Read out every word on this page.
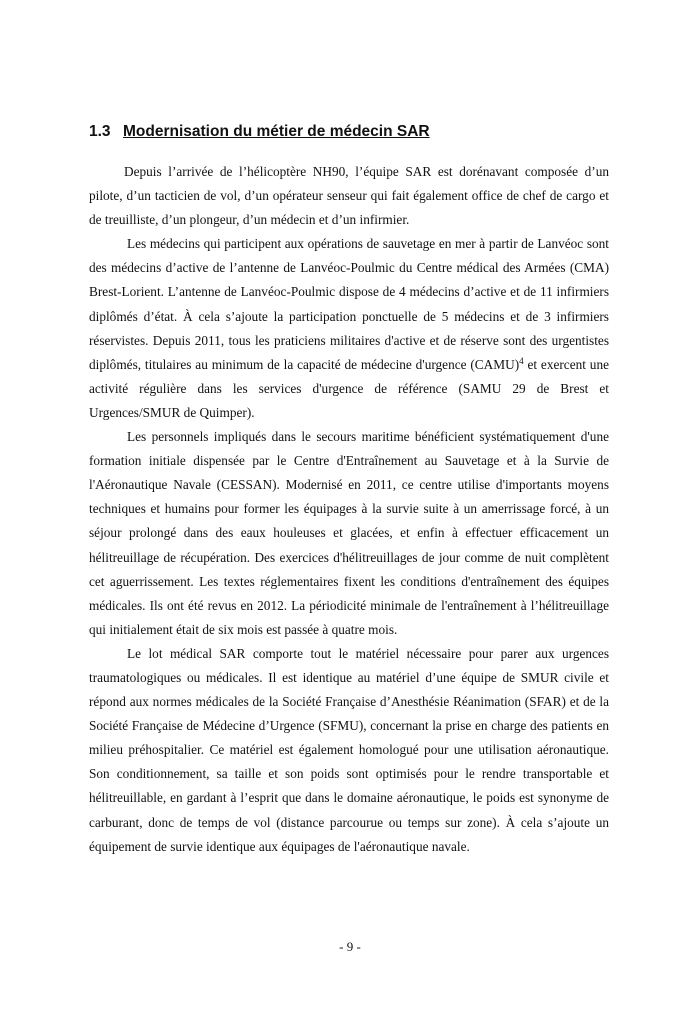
1.3 Modernisation du métier de médecin SAR

Depuis l’arrivée de l’hélicoptère NH90, l’équipe SAR est dorénavant composée d’un pilote, d’un tacticien de vol, d’un opérateur senseur qui fait également office de chef de cargo et de treuilliste, d’un plongeur, d’un médecin et d’un infirmier.

Les médecins qui participent aux opérations de sauvetage en mer à partir de Lanvéoc sont des médecins d’active de l’antenne de Lanvéoc-Poulmic du Centre médical des Armées (CMA) Brest-Lorient. L’antenne de Lanvéoc-Poulmic dispose de 4 médecins d’active et de 11 infirmiers diplômés d’état. À cela s’ajoute la participation ponctuelle de 5 médecins et de 3 infirmiers réservistes. Depuis 2011, tous les praticiens militaires d'active et de réserve sont des urgentistes diplômés, titulaires au minimum de la capacité de médecine d'urgence (CAMU)$^4$ et exercent une activité régulière dans les services d'urgence de référence (SAMU 29 de Brest et Urgences/SMUR de Quimper).

Les personnels impliqués dans le secours maritime bénéficient systématiquement d'une formation initiale dispensée par le Centre d'Entraînement au Sauvetage et à la Survie de l'Aéronautique Navale (CESSAN). Modernisé en 2011, ce centre utilise d'importants moyens techniques et humains pour former les équipages à la survie suite à un amerrissage forcé, à un séjour prolongé dans des eaux houleuses et glacées, et enfin à effectuer efficacement un hélitreuillage de récupération. Des exercices d'hélitreuillages de jour comme de nuit complètent cet aguerrissement. Les textes réglementaires fixent les conditions d'entraînement des équipes médicales. Ils ont été revus en 2012. La périodicité minimale de l'entraînement à l’hélitreuillage qui initialement était de six mois est passée à quatre mois.

Le lot médical SAR comporte tout le matériel nécessaire pour parer aux urgences traumatologiques ou médicales. Il est identique au matériel d’une équipe de SMUR civile et répond aux normes médicales de la Société Française d’Anesthésie Réanimation (SFAR) et de la Société Française de Médecine d’Urgence (SFMU), concernant la prise en charge des patients en milieu préhospitalier. Ce matériel est également homologué pour une utilisation aéronautique. Son conditionnement, sa taille et son poids sont optimisés pour le rendre transportable et hélitreuillable, en gardant à l’esprit que dans le domaine aéronautique, le poids est synonyme de carburant, donc de temps de vol (distance parcourue ou temps sur zone). À cela s’ajoute un équipement de survie identique aux équipages de l'aéronautique navale.

- 9 -
